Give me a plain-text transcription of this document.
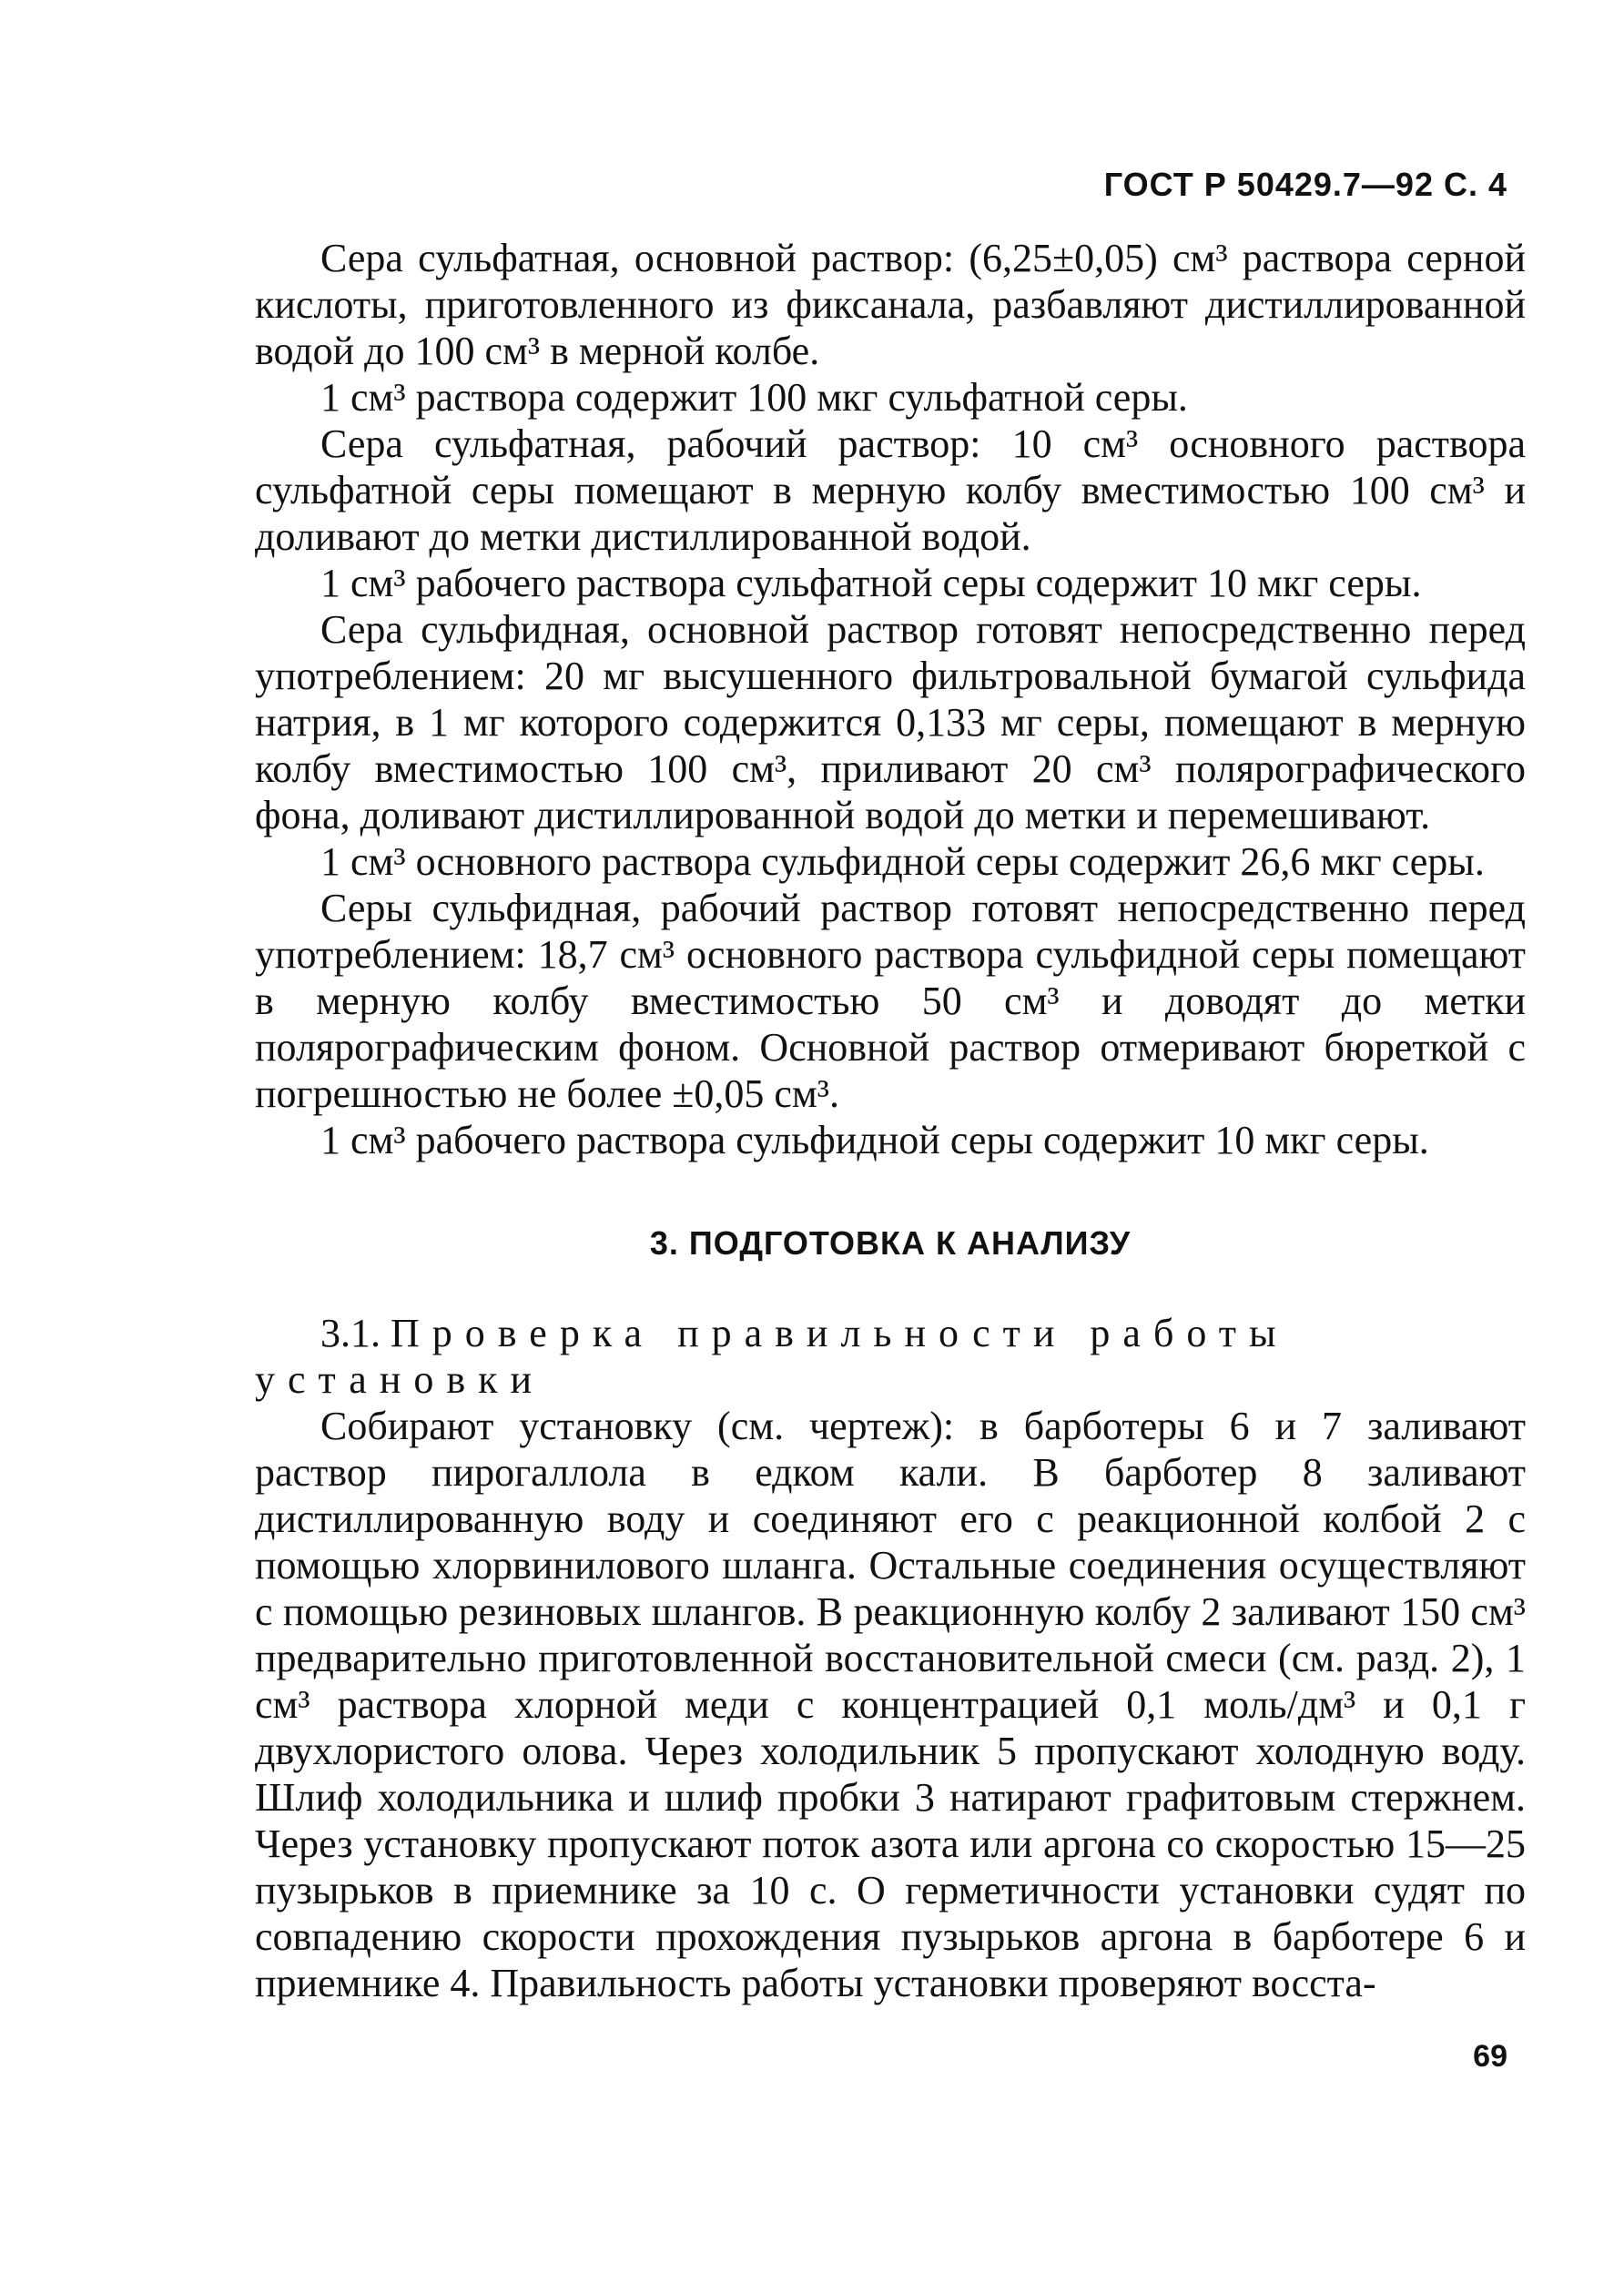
ГОСТ Р 50429.7—92 С. 4

Сера сульфатная, основной раствор: (6,25±0,05) см³ раствора серной кислоты, приготовленного из фиксанала, разбавляют дистиллированной водой до 100 см³ в мерной колбе.

1 см³ раствора содержит 100 мкг сульфатной серы.

Сера сульфатная, рабочий раствор: 10 см³ основного раствора сульфатной серы помещают в мерную колбу вместимостью 100 см³ и доливают до метки дистиллированной водой.

1 см³ рабочего раствора сульфатной серы содержит 10 мкг серы.

Сера сульфидная, основной раствор готовят непосредственно перед употреблением: 20 мг высушенного фильтровальной бумагой сульфида натрия, в 1 мг которого содержится 0,133 мг серы, помещают в мерную колбу вместимостью 100 см³, приливают 20 см³ полярографического фона, доливают дистиллированной водой до метки и перемешивают.

1 см³ основного раствора сульфидной серы содержит 26,6 мкг серы.

Серы сульфидная, рабочий раствор готовят непосредственно перед употреблением: 18,7 см³ основного раствора сульфидной серы помещают в мерную колбу вместимостью 50 см³ и доводят до метки полярографическим фоном. Основной раствор отмеривают бюреткой с погрешностью не более ±0,05 см³.

1 см³ рабочего раствора сульфидной серы содержит 10 мкг серы.

3. ПОДГОТОВКА К АНАЛИЗУ

3.1. Проверка правильности работы установки

Собирают установку (см. чертеж): в барботеры 6 и 7 заливают раствор пирогаллола в едком кали. В барботер 8 заливают дистиллированную воду и соединяют его с реакционной колбой 2 с помощью хлорвинилового шланга. Остальные соединения осуществляют с помощью резиновых шлангов. В реакционную колбу 2 заливают 150 см³ предварительно приготовленной восстановительной смеси (см. разд. 2), 1 см³ раствора хлорной меди с концентрацией 0,1 моль/дм³ и 0,1 г двухлористого олова. Через холодильник 5 пропускают холодную воду. Шлиф холодильника и шлиф пробки 3 натирают графитовым стержнем. Через установку пропускают поток азота или аргона со скоростью 15—25 пузырьков в приемнике за 10 с. О герметичности установки судят по совпадению скорости прохождения пузырьков аргона в барботере 6 и приемнике 4. Правильность работы установки проверяют восста-

69
